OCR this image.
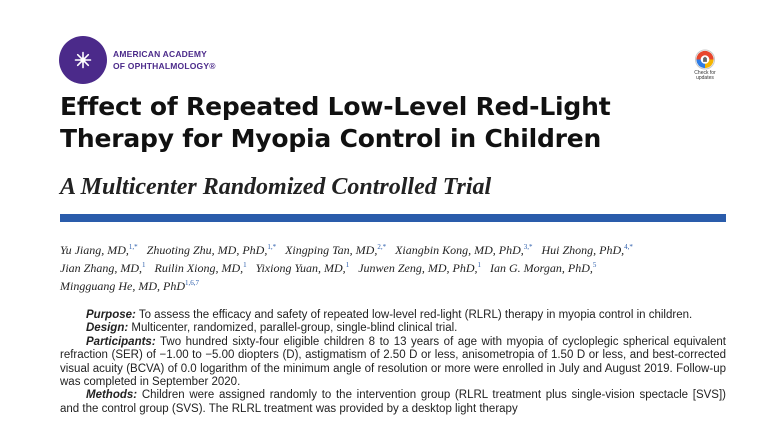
AMERICAN ACADEMY
OF OPHTHALMOLOGY®
Check for updates
Effect of Repeated Low-Level Red-Light
Therapy for Myopia Control in Children
A Multicenter Randomized Controlled Trial
Yu Jiang, MD,$^{1,*}$ Zhuoting Zhu, MD, PhD,$^{1,*}$ Xingping Tan, MD,$^{2,*}$ Xiangbin Kong, MD, PhD,$^{3,*}$ Hui Zhong, PhD,$^{4,*}$ Jian Zhang, MD,$^1$ Ruilin Xiong, MD,$^1$ Yixiong Yuan, MD,$^1$ Junwen Zeng, MD, PhD,$^1$ Ian G. Morgan, PhD,$^5$ Mingguang He, MD, PhD$^{1,6,7}$

Purpose: To assess the efficacy and safety of repeated low-level red-light (RLRL) therapy in myopia control in children.

Design: Multicenter, randomized, parallel-group, single-blind clinical trial.

Participants: Two hundred sixty-four eligible children 8 to 13 years of age with myopia of cycloplegic spherical equivalent refraction (SER) of −1.00 to −5.00 diopters (D), astigmatism of 2.50 D or less, anisometropia of 1.50 D or less, and best-corrected visual acuity (BCVA) of 0.0 logarithm of the minimum angle of resolution or more were enrolled in July and August 2019. Follow-up was completed in September 2020.

Methods: Children were assigned randomly to the intervention group (RLRL treatment plus single-vision spectacle [SVS]) and the control group (SVS). The RLRL treatment was provided by a desktop light therapy
